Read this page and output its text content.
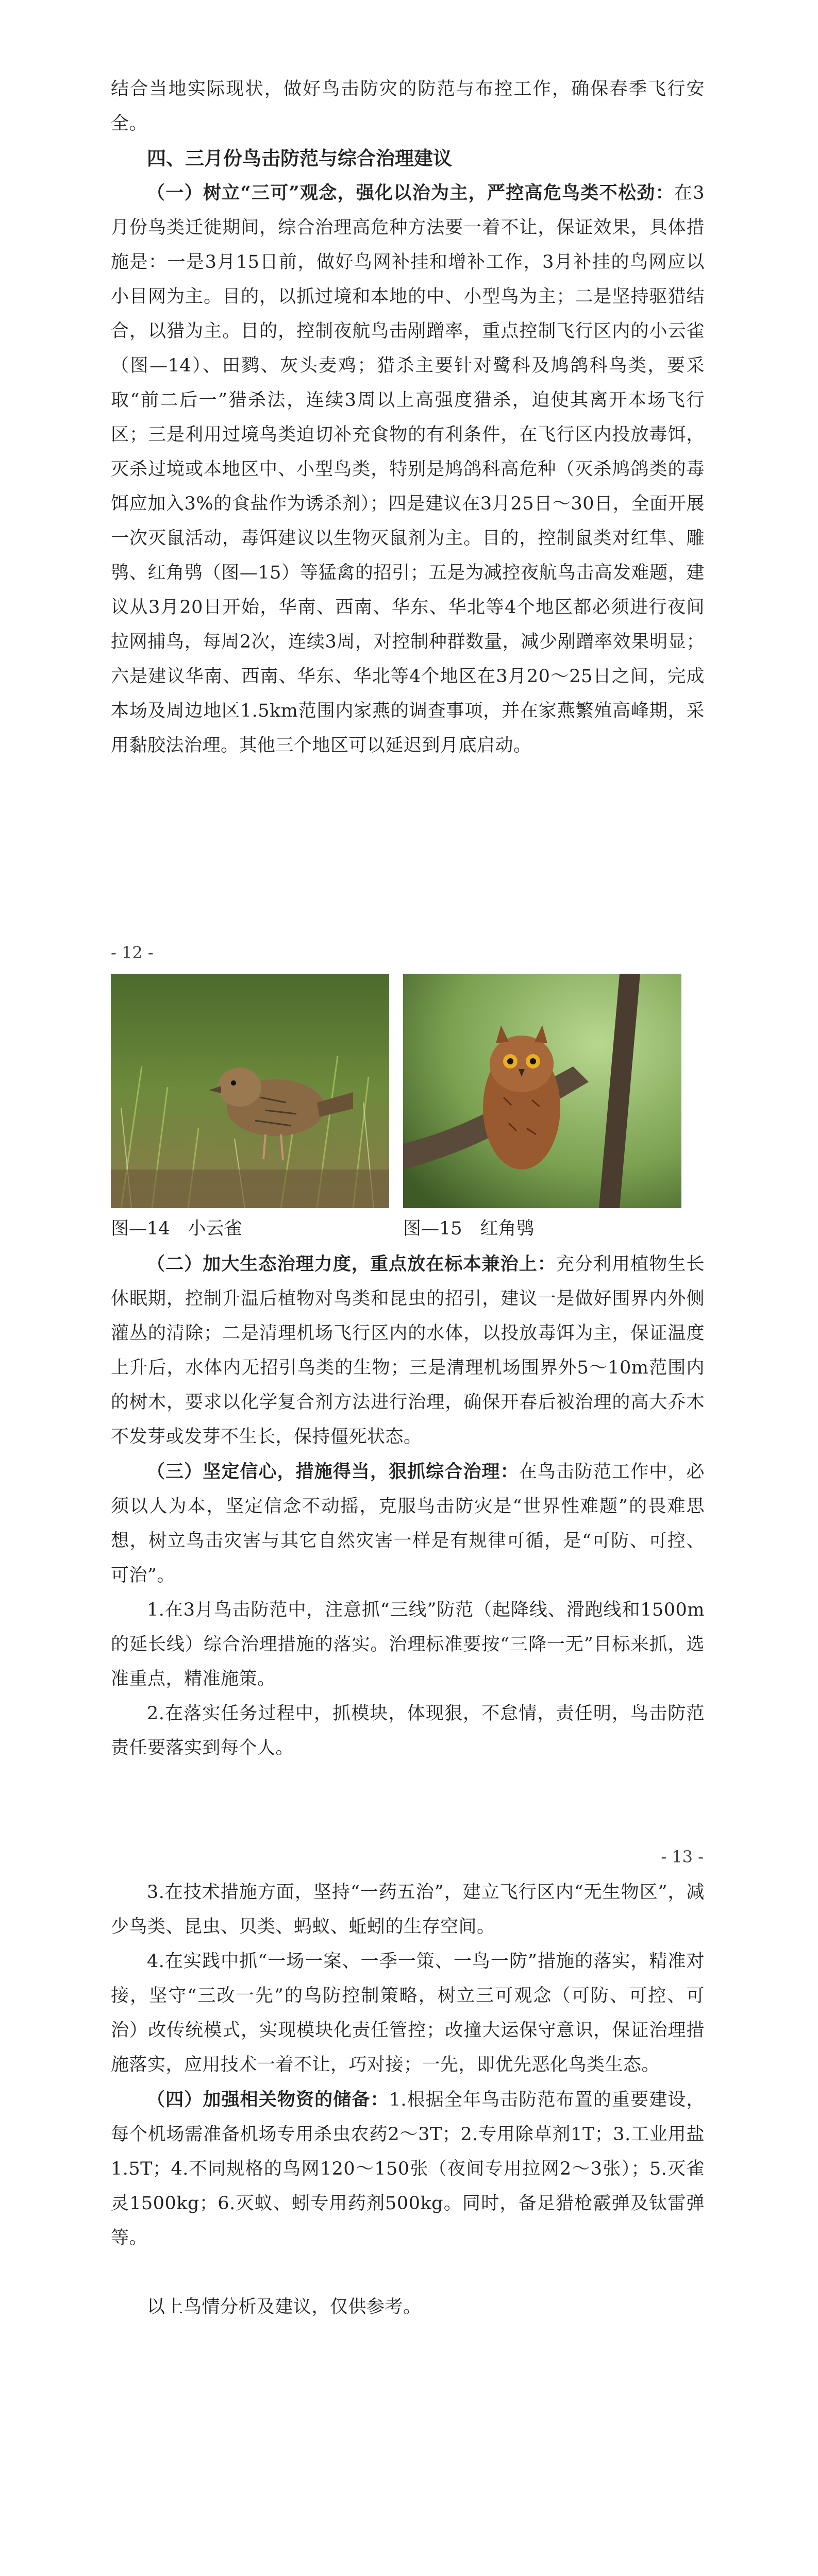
结合当地实际现状，做好鸟击防灾的防范与布控工作，确保春季飞行安全。

四、三月份鸟击防范与综合治理建议

（一）树立“三可”观念，强化以治为主，严控高危鸟类不松劲：在3月份鸟类迁徙期间，综合治理高危种方法要一着不让，保证效果，具体措施是：一是3月15日前，做好鸟网补挂和增补工作，3月补挂的鸟网应以小目网为主。目的，以抓过境和本地的中、小型鸟为主；二是坚持驱猎结合，以猎为主。目的，控制夜航鸟击剐蹭率，重点控制飞行区内的小云雀（图—14）、田鹨、灰头麦鸡；猎杀主要针对鹭科及鸠鸽科鸟类，要采取“前二后一”猎杀法，连续3周以上高强度猎杀，迫使其离开本场飞行区；三是利用过境鸟类迫切补充食物的有利条件，在飞行区内投放毒饵，灭杀过境或本地区中、小型鸟类，特别是鸠鸽科高危种（灭杀鸠鸽类的毒饵应加入3%的食盐作为诱杀剂）；四是建议在3月25日～30日，全面开展一次灭鼠活动，毒饵建议以生物灭鼠剂为主。目的，控制鼠类对红隼、雕鸮、红角鸮（图—15）等猛禽的招引；五是为减控夜航鸟击高发难题，建议从3月20日开始，华南、西南、华东、华北等4个地区都必须进行夜间拉网捕鸟，每周2次，连续3周，对控制种群数量，减少剐蹭率效果明显；六是建议华南、西南、华东、华北等4个地区在3月20～25日之间，完成本场及周边地区1.5km范围内家燕的调查事项，并在家燕繁殖高峰期，采用黏胶法治理。其他三个地区可以延迟到月底启动。

- 12 -
图—14　小云雀	图—15　红角鸮

（二）加大生态治理力度，重点放在标本兼治上：充分利用植物生长休眠期，控制升温后植物对鸟类和昆虫的招引，建议一是做好围界内外侧灌丛的清除；二是清理机场飞行区内的水体，以投放毒饵为主，保证温度上升后，水体内无招引鸟类的生物；三是清理机场围界外5～10m范围内的树木，要求以化学复合剂方法进行治理，确保开春后被治理的高大乔木不发芽或发芽不生长，保持僵死状态。

（三）坚定信心，措施得当，狠抓综合治理：在鸟击防范工作中，必须以人为本，坚定信念不动摇，克服鸟击防灾是“世界性难题”的畏难思想，树立鸟击灾害与其它自然灾害一样是有规律可循，是“可防、可控、可治”。

1.在3月鸟击防范中，注意抓“三线”防范（起降线、滑跑线和1500m的延长线）综合治理措施的落实。治理标准要按“三降一无”目标来抓，选准重点，精准施策。

2.在落实任务过程中，抓模块，体现狠，不怠情，责任明，鸟击防范责任要落实到每个人。

- 13 -

3.在技术措施方面，坚持“一药五治”，建立飞行区内“无生物区”，减少鸟类、昆虫、贝类、蚂蚁、蚯蚓的生存空间。

4.在实践中抓“一场一案、一季一策、一鸟一防”措施的落实，精准对接，坚守“三改一先”的鸟防控制策略，树立三可观念（可防、可控、可治）改传统模式，实现模块化责任管控；改撞大运保守意识，保证治理措施落实，应用技术一着不让，巧对接；一先，即优先恶化鸟类生态。

（四）加强相关物资的储备：1.根据全年鸟击防范布置的重要建设，每个机场需准备机场专用杀虫农药2～3T；2.专用除草剂1T；3.工业用盐1.5T；4.不同规格的鸟网120～150张（夜间专用拉网2～3张）；5.灭雀灵1500kg；6.灭蚁、蚓专用药剂500kg。同时，备足猎枪霰弹及钛雷弹等。

以上鸟情分析及建议，仅供参考。
